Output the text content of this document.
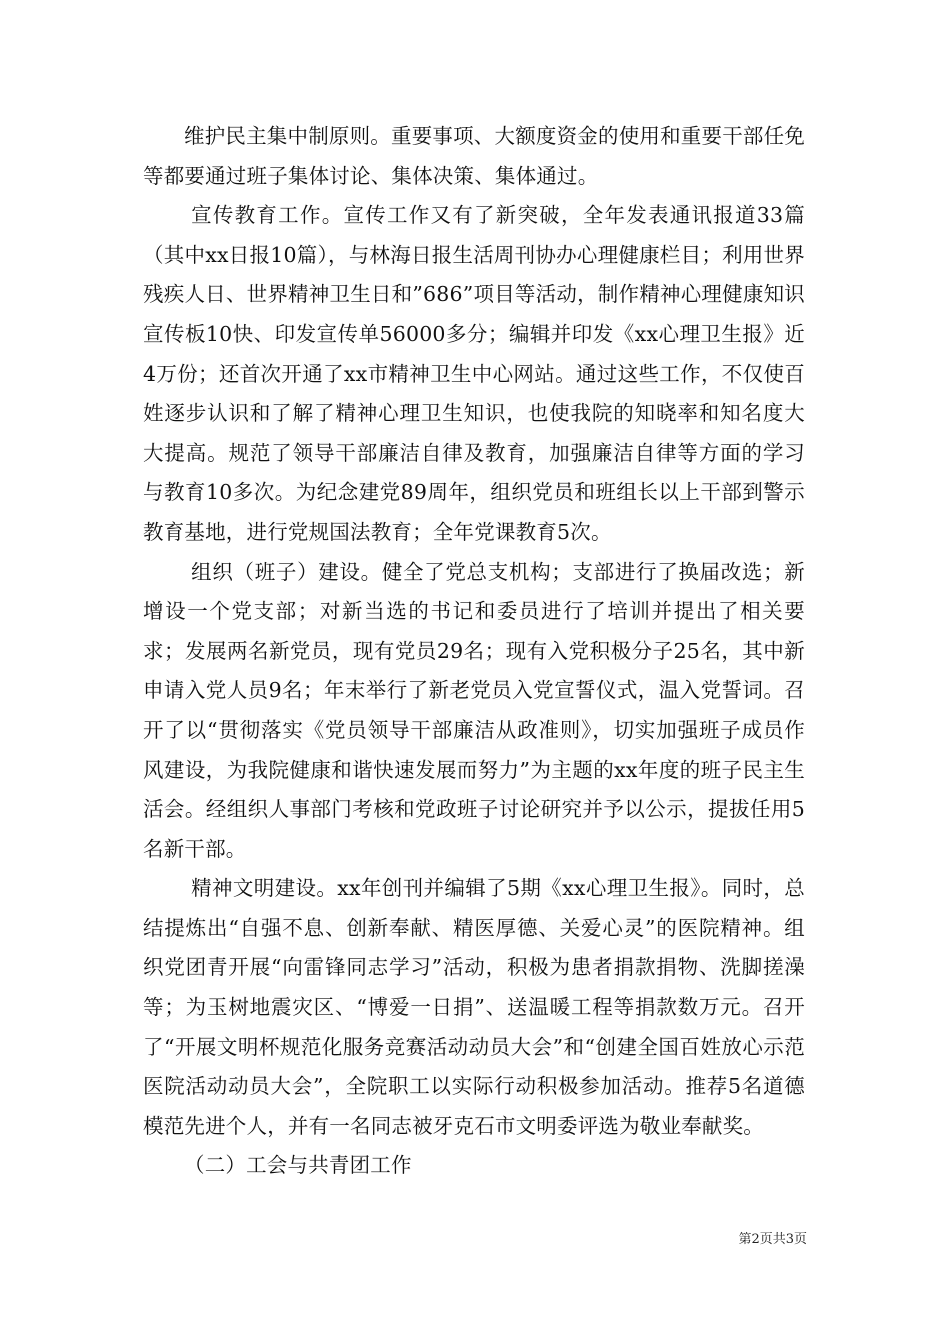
维护民主集中制原则。重要事项、大额度资金的使用和重要干部任免等都要通过班子集体讨论、集体决策、集体通过。

宣传教育工作。宣传工作又有了新突破，全年发表通讯报道33篇（其中xx日报10篇），与林海日报生活周刊协办心理健康栏目；利用世界残疾人日、世界精神卫生日和”686”项目等活动，制作精神心理健康知识宣传板10快、印发宣传单56000多分；编辑并印发《xx心理卫生报》近4万份；还首次开通了xx市精神卫生中心网站。通过这些工作，不仅使百姓逐步认识和了解了精神心理卫生知识，也使我院的知晓率和知名度大大提高。规范了领导干部廉洁自律及教育，加强廉洁自律等方面的学习与教育10多次。为纪念建党89周年，组织党员和班组长以上干部到警示教育基地，进行党规国法教育；全年党课教育5次。

组织（班子）建设。健全了党总支机构；支部进行了换届改选；新增设一个党支部；对新当选的书记和委员进行了培训并提出了相关要求；发展两名新党员，现有党员29名；现有入党积极分子25名，其中新申请入党人员9名；年末举行了新老党员入党宣誓仪式，温入党誓词。召开了以“贯彻落实《党员领导干部廉洁从政准则》，切实加强班子成员作风建设，为我院健康和谐快速发展而努力”为主题的xx年度的班子民主生活会。经组织人事部门考核和党政班子讨论研究并予以公示，提拔任用5名新干部。

精神文明建设。xx年创刊并编辑了5期《xx心理卫生报》。同时，总结提炼出“自强不息、创新奉献、精医厚德、关爱心灵”的医院精神。组织党团青开展“向雷锋同志学习”活动，积极为患者捐款捐物、洗脚搓澡等；为玉树地震灾区、“博爱一日捐”、送温暖工程等捐款数万元。召开了“开展文明杯规范化服务竞赛活动动员大会”和“创建全国百姓放心示范医院活动动员大会”，全院职工以实际行动积极参加活动。推荐5名道德模范先进个人，并有一名同志被牙克石市文明委评选为敬业奉献奖。

（二）工会与共青团工作

第2页共3页
